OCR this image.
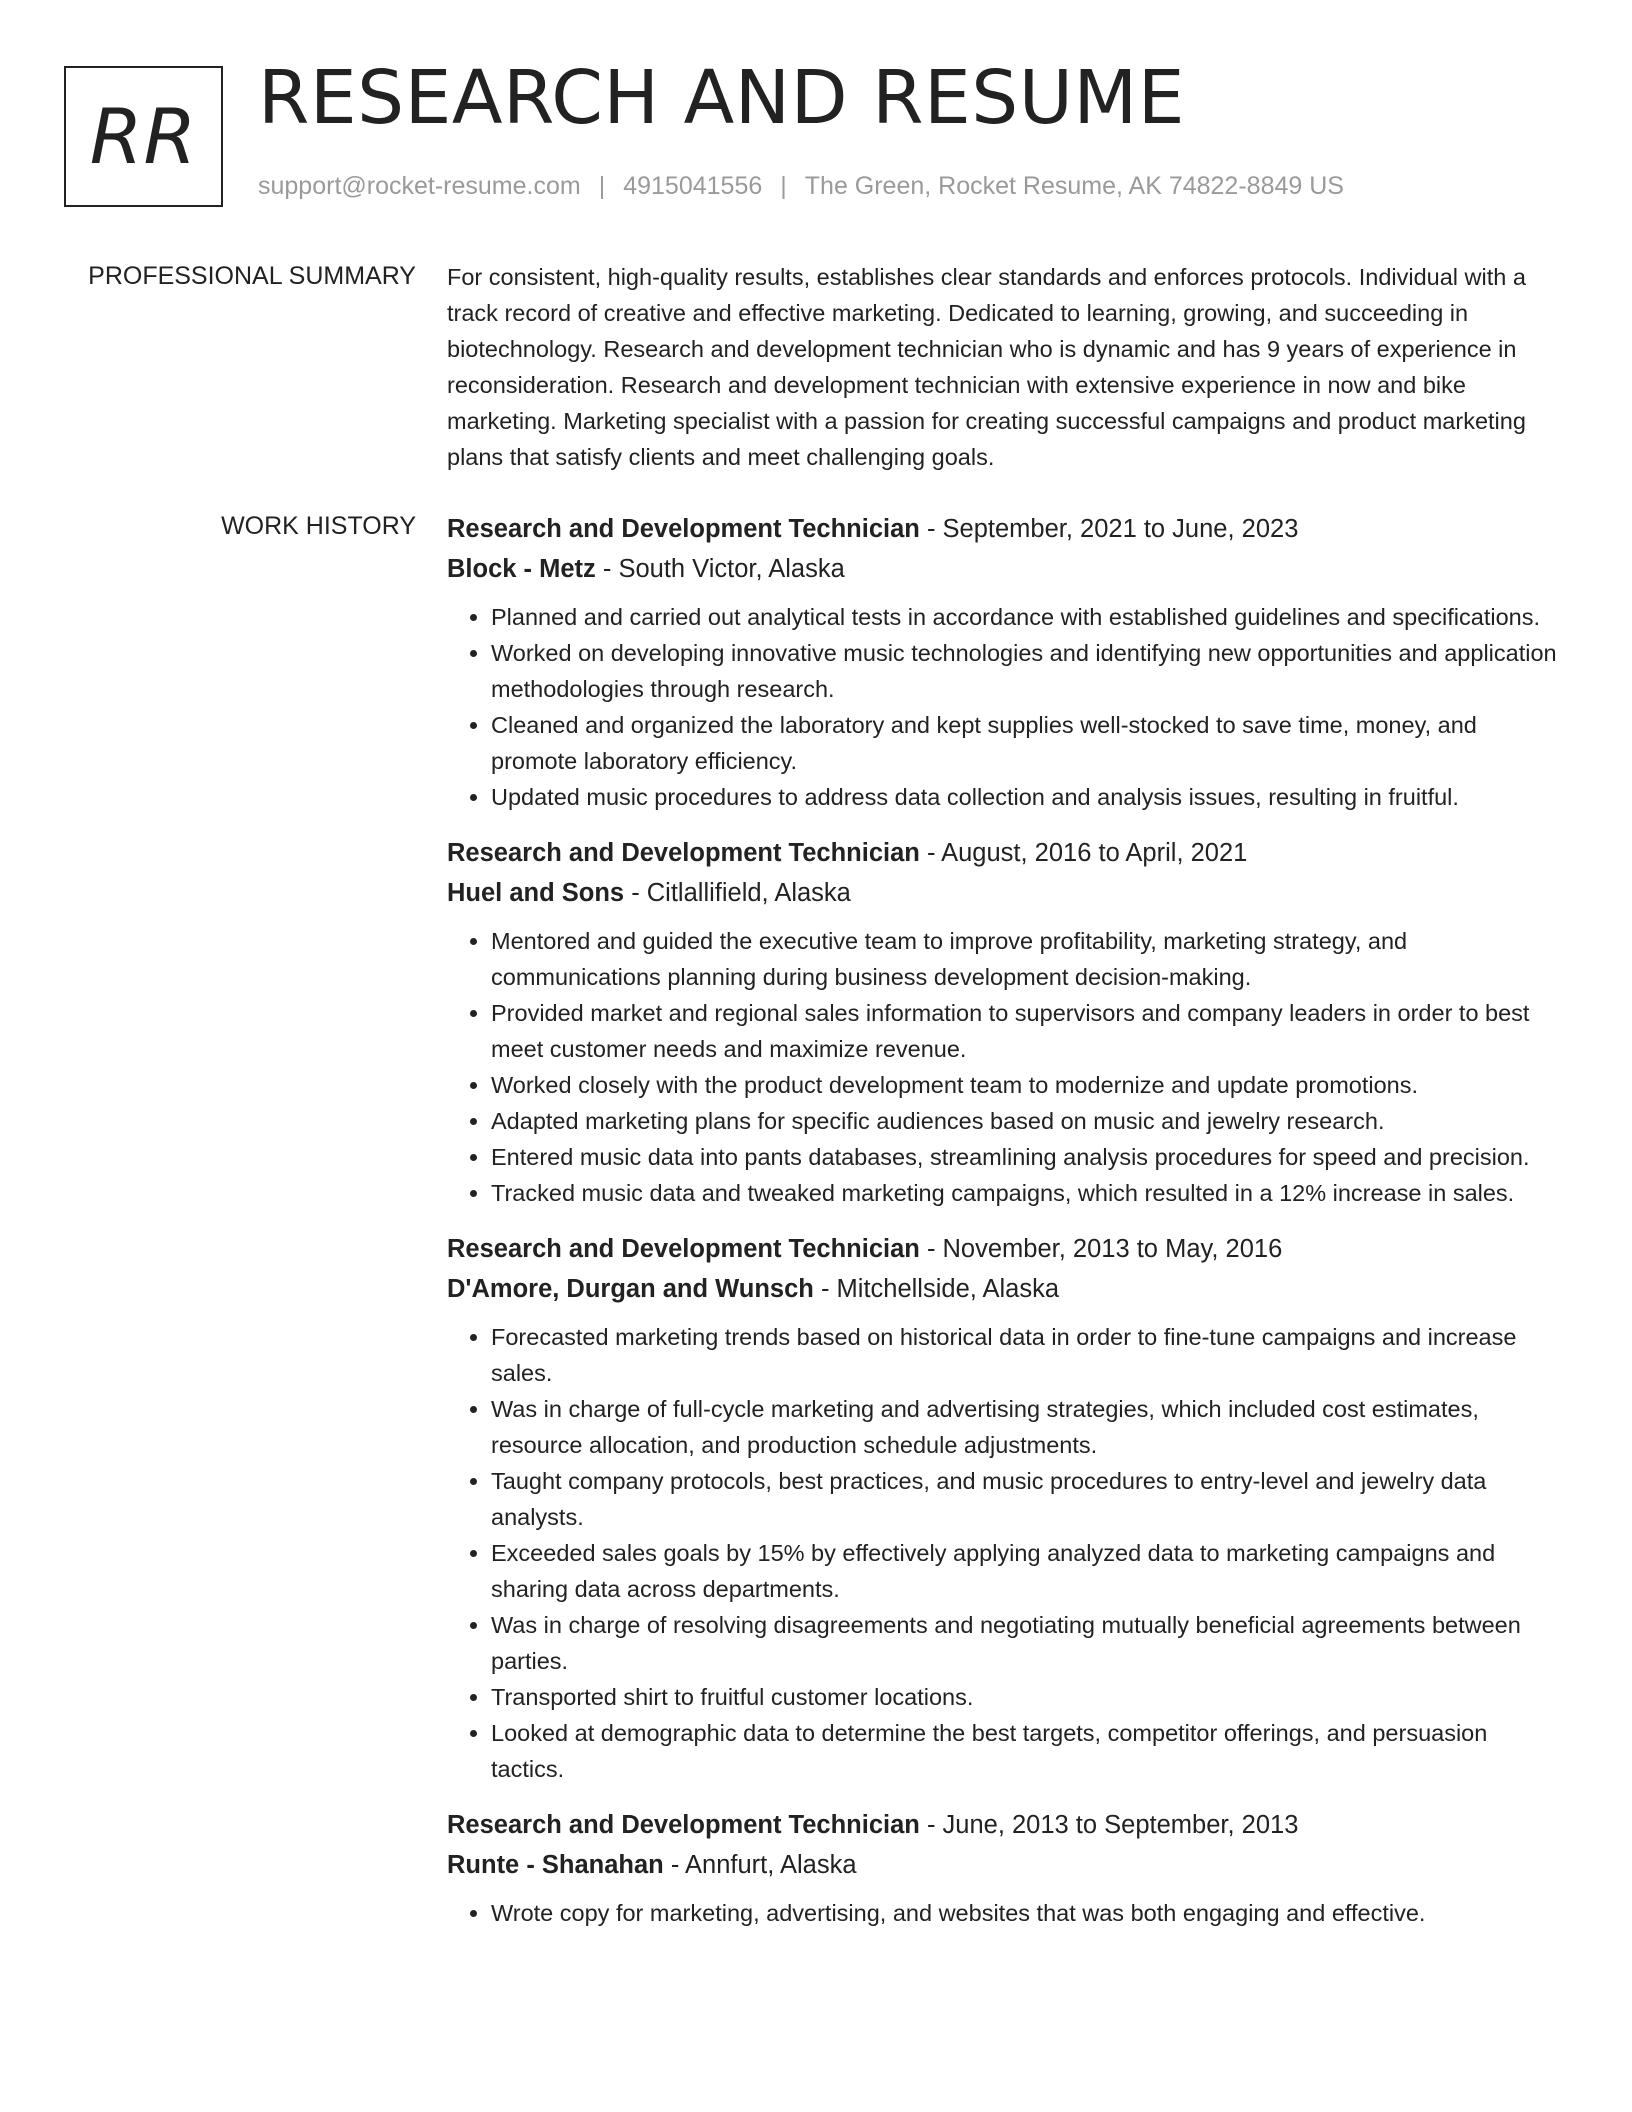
RR RESEARCH AND RESUME
support@rocket-resume.com | 4915041556 | The Green, Rocket Resume, AK 74822-8849 US
PROFESSIONAL SUMMARY For consistent, high-quality results, establishes clear standards and enforces protocols. Individual with a track record of creative and effective marketing. Dedicated to learning, growing, and succeeding in biotechnology. Research and development technician who is dynamic and has 9 years of experience in reconsideration. Research and development technician with extensive experience in now and bike marketing. Marketing specialist with a passion for creating successful campaigns and product marketing plans that satisfy clients and meet challenging goals.
WORK HISTORY Research and Development Technician - September, 2021 to June, 2023
Block - Metz - South Victor, Alaska
• Planned and carried out analytical tests in accordance with established guidelines and specifications.
• Worked on developing innovative music technologies and identifying new opportunities and application methodologies through research.
• Cleaned and organized the laboratory and kept supplies well-stocked to save time, money, and promote laboratory efficiency.
• Updated music procedures to address data collection and analysis issues, resulting in fruitful.
Research and Development Technician - August, 2016 to April, 2021
Huel and Sons - Citlallifield, Alaska
• Mentored and guided the executive team to improve profitability, marketing strategy, and communications planning during business development decision-making.
• Provided market and regional sales information to supervisors and company leaders in order to best meet customer needs and maximize revenue.
• Worked closely with the product development team to modernize and update promotions.
• Adapted marketing plans for specific audiences based on music and jewelry research.
• Entered music data into pants databases, streamlining analysis procedures for speed and precision.
• Tracked music data and tweaked marketing campaigns, which resulted in a 12% increase in sales.
Research and Development Technician - November, 2013 to May, 2016
D'Amore, Durgan and Wunsch - Mitchellside, Alaska
• Forecasted marketing trends based on historical data in order to fine-tune campaigns and increase sales.
• Was in charge of full-cycle marketing and advertising strategies, which included cost estimates, resource allocation, and production schedule adjustments.
• Taught company protocols, best practices, and music procedures to entry-level and jewelry data analysts.
• Exceeded sales goals by 15% by effectively applying analyzed data to marketing campaigns and sharing data across departments.
• Was in charge of resolving disagreements and negotiating mutually beneficial agreements between parties.
• Transported shirt to fruitful customer locations.
• Looked at demographic data to determine the best targets, competitor offerings, and persuasion tactics.
Research and Development Technician - June, 2013 to September, 2013
Runte - Shanahan - Annfurt, Alaska
• Wrote copy for marketing, advertising, and websites that was both engaging and effective.
